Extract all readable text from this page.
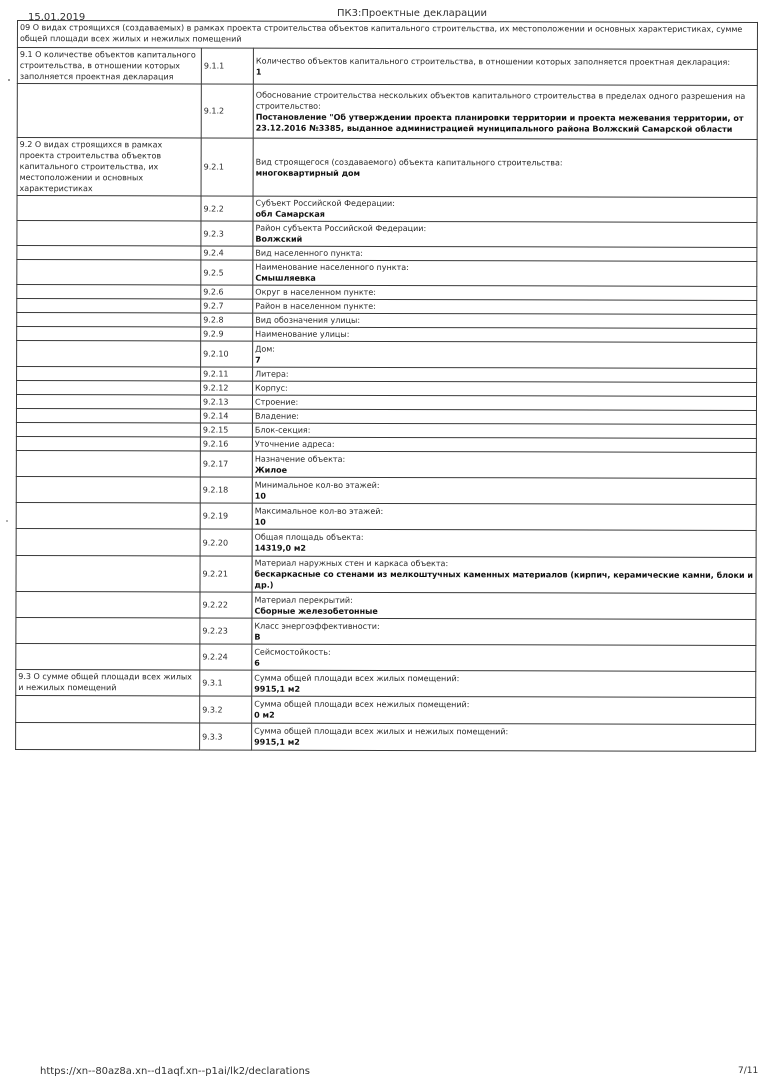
15.01.2019	ПК3:Проектные декларации
09 О видах строящихся (создаваемых) в рамках проекта строительства объектов капитального строительства, их местоположении и основных характеристиках, сумме общей площади всех жилых и нежилых помещений		
9.1 О количестве объектов капитального строительства, в отношении которых заполняется проектная декларация	9.1.1	Количество объектов капитального строительства, в отношении которых заполняется проектная декларация:
1

	9.1.2	Обоснование строительства нескольких объектов капитального строительства в пределах одного разрешения на строительство:
Постановление "Об утверждении проекта планировки территории и проекта межевания территории, от 23.12.2016 №3385, выданное администрацией муниципального района Волжский Самарской области

9.2 О видах строящихся в рамках проекта строительства объектов капитального строительства, их местоположении и основных характеристиках	9.2.1	Вид строящегося (создаваемого) объекта капитального строительства:
многоквартирный дом

	9.2.2	Субъект Российской Федерации:
обл Самарская

	9.2.3	Район субъекта Российской Федерации:
Волжский

	9.2.4	Вид населенного пункта:

	9.2.5	Наименование населенного пункта:
Смышляевка

	9.2.6	Округ в населенном пункте:

	9.2.7	Район в населенном пункте:

	9.2.8	Вид обозначения улицы:

	9.2.9	Наименование улицы:

	9.2.10	Дом:
7

	9.2.11	Литера:

	9.2.12	Корпус:

	9.2.13	Строение:

	9.2.14	Владение:

	9.2.15	Блок-секция:

	9.2.16	Уточнение адреса:

	9.2.17	Назначение объекта:
Жилое

	9.2.18	Минимальное кол-во этажей:
10

	9.2.19	Максимальное кол-во этажей:
10

	9.2.20	Общая площадь объекта:
14319,0 м2

	9.2.21	Материал наружных стен и каркаса объекта:
бескаркасные со стенами из мелкоштучных каменных материалов (кирпич, керамические камни, блоки и др.)

	9.2.22	Материал перекрытий:
Сборные железобетонные

	9.2.23	Класс энергоэффективности:
B

	9.2.24	Сейсмостойкость:
6

9.3 О сумме общей площади всех жилых и нежилых помещений	9.3.1	Сумма общей площади всех жилых помещений:
9915,1 м2

	9.3.2	Сумма общей площади всех нежилых помещений:
0 м2

	9.3.3	Сумма общей площади всех жилых и нежилых помещений:
9915,1 м2
https://xn--80az8a.xn--d1aqf.xn--p1ai/lk2/declarations	7/11
